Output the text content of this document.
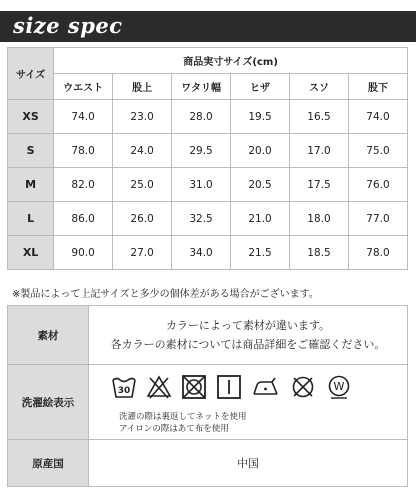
size spec
サイズ	商品実寸サイズ(cm)					
	ウエスト	股上	ワタリ幅	ヒザ	スソ	股下
XS	74.0	23.0	28.0	19.5	16.5	74.0
S	78.0	24.0	29.5	20.0	17.0	75.0
M	82.0	25.0	31.0	20.5	17.5	76.0
L	86.0	26.0	32.5	21.0	18.0	77.0
XL	90.0	27.0	34.0	21.5	18.5	78.0
※製品によって上記サイズと多少の個体差がある場合がございます。
素材	カラーによって素材が違います。
各カラーの素材については商品詳細をご確認ください。

洗濯絵表示	30
W
洗濯の際は裏返してネットを使用
アイロンの際はあて布を使用

原産国	中国
